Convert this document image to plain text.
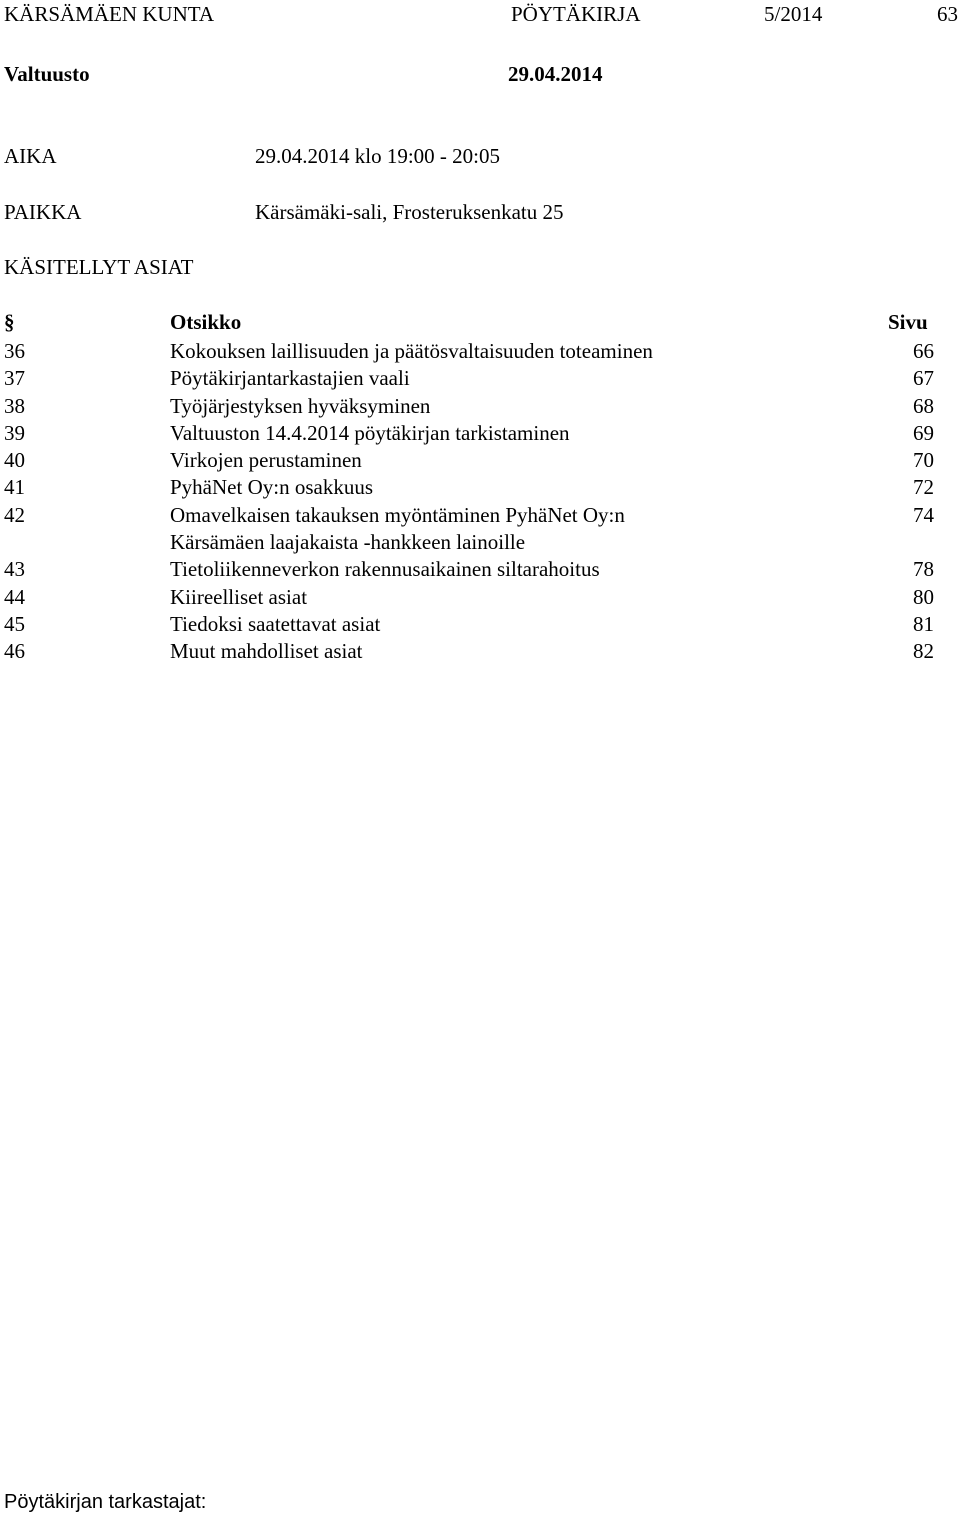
KÄRSÄMÄEN KUNTA	PÖYTÄKIRJA	5/2014	63
Valtuusto	29.04.2014
AIKA	29.04.2014 klo 19:00 - 20:05
PAIKKA	Kärsämäki-sali, Frosteruksenkatu 25
KÄSITELLYT ASIAT
§	Otsikko	Sivu
36	Kokouksen laillisuuden ja päätösvaltaisuuden toteaminen	66
37	Pöytäkirjantarkastajien vaali	67
38	Työjärjestyksen hyväksyminen	68
39	Valtuuston 14.4.2014 pöytäkirjan tarkistaminen	69
40	Virkojen perustaminen	70
41	PyhäNet Oy:n osakkuus	72
42	Omavelkaisen takauksen myöntäminen PyhäNet Oy:n	74
Kärsämäen laajakaista -hankkeen lainoille
43	Tietoliikenneverkon rakennusaikainen siltarahoitus	78
44	Kiireelliset asiat	80
45	Tiedoksi saatettavat asiat	81
46	Muut mahdolliset asiat	82
Pöytäkirjan tarkastajat:
